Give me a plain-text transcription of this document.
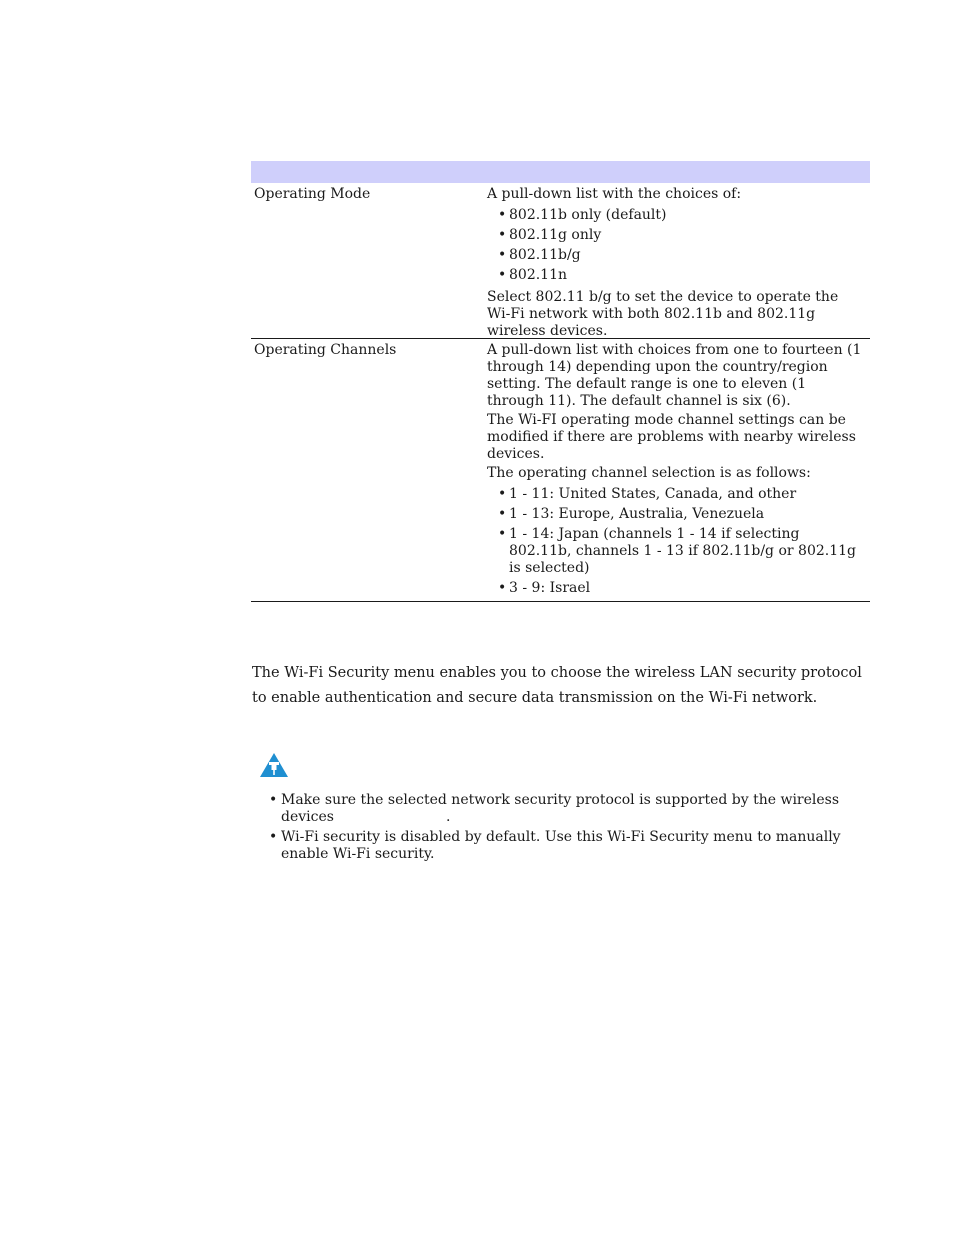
Operating Mode	A pull-down list with the choices of:
• 802.11b only (default)
• 802.11g only
• 802.11b/g
• 802.11n
Select 802.11 b/g to set the device to operate the Wi-Fi network with both 802.11b and 802.11g wireless devices.
Operating Channels	A pull-down list with choices from one to fourteen (1 through 14) depending upon the country/region setting. The default range is one to eleven (1 through 11). The default channel is six (6).
The Wi-FI operating mode channel settings can be modified if there are problems with nearby wireless devices.
The operating channel selection is as follows:
• 1 - 11: United States, Canada, and other
• 1 - 13: Europe, Australia, Venezuela
• 1 - 14: Japan (channels 1 - 14 if selecting 802.11b, channels 1 - 13 if 802.11b/g or 802.11g is selected)
• 3 - 9: Israel
The Wi-Fi Security menu enables you to choose the wireless LAN security protocol to enable authentication and secure data transmission on the Wi-Fi network.
• Make sure the selected network security protocol is supported by the wireless devices	.
• Wi-Fi security is disabled by default. Use this Wi-Fi Security menu to manually enable Wi-Fi security.
